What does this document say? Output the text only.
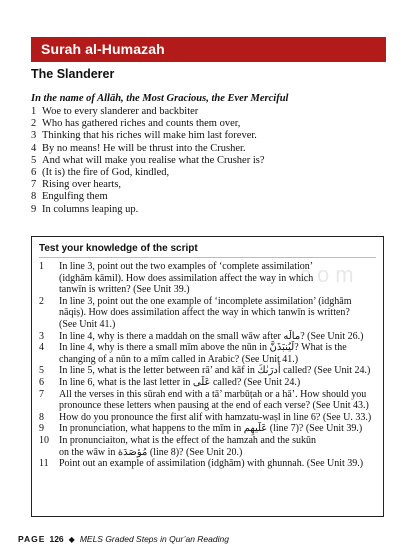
Surah al-Humazah
The Slanderer
In the name of Allāh, the Most Gracious, the Ever Merciful
1 Woe to every slanderer and backbiter
2 Who has gathered riches and counts them over,
3 Thinking that his riches will make him last forever.
4 By no means! He will be thrust into the Crusher.
5 And what will make you realise what the Crusher is?
6 (It is) the fire of God, kindled,
7 Rising over hearts,
8 Engulfing them
9 In columns leaping up.
Test your knowledge of the script
1	In line 3, point out the two examples of ‘complete assimilation’
(idghām kāmil). How does assimilation affect the way in which
tanwīn is written? (See Unit 39.)
2	In line 3, point out the one example of ‘incomplete assimilation’ (idghām
nāqiṣ). How does assimilation affect the way in which tanwīn is written?
(See Unit 41.)
3	In line 4, why is there a maddah on the small wāw after مالَه? (See Unit 26.)
4	In line 4, why is there a small mīm above the nūn in لَيُنبَذَنَّ? What is the
changing of a nūn to a mīm called in Arabic? (See Unit 41.)
5	In line 5, what is the letter between rā’ and kāf in أَدرَىٰكَ called? (See Unit 24.)
6	In line 6, what is the last letter in عَلَى called? (See Unit 24.)
7	All the verses in this sūrah end with a tā’ marbūṭah or a hā’. How should you
pronounce these letters when pausing at the end of each verse? (See Unit 43.)
8	How do you pronounce the first alif with hamzatu-waṣl in line 6? (See U. 33.)
9	In pronunciation, what happens to the mīm in عَلَيهِم (line 7)? (See Unit 39.)
10	In pronunciaiton, what is the effect of the hamzah and the sukūn
on the wāw in مُؤصَدَة (line 8)? (See Unit 20.)
11	Point out an example of assimilation (idghām) with ghunnah. (See Unit 39.)
com
PAGE 126 ◆ MELS Graded Steps in Qur’an Reading
